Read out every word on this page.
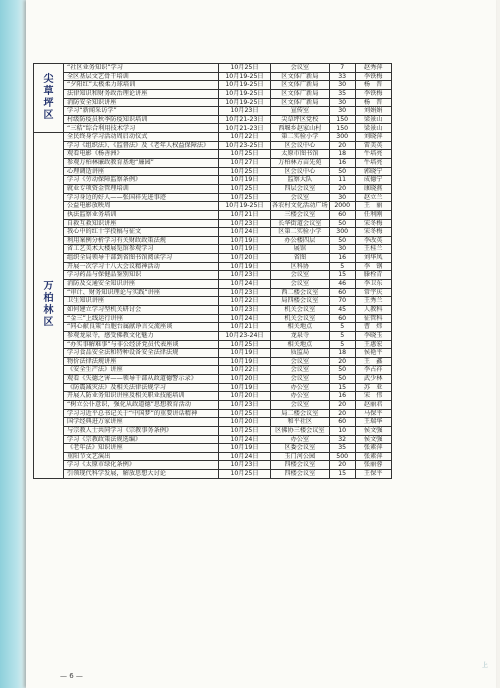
尖草坪区	“社区业务知识”学习	10月25日	会议室	7	赵秀萍
	全区基层文艺骨干培训	10月19-25日	区文体广新局	33	李铁梅
	“夕阳红”太极柔力球培训	10月19-25日	区文体广新局	30	杨　晋
	法律知识和财务政治理论讲座	10月19-25日	区文体广新局	35	李铁梅
	消防安全知识讲座	10月19-25日	区文体广新局	30	杨　晋
	学习“新闻采访学”	10月23日	宣传室	30	刘娟娟
	村级防疫员秋季防疫知识培训	10月21-23日	尖草坪区党校	150	梁景山
	“三秸”综合利用技术学习	10月21-23日	西堰乡赵家山村	150	梁景山
万柏林区	全民终身学习活动周启动仪式	10月22日	第二实验小学	300	刘晓萍
	学习《组织法》、《监督法》及《老年人权益保障法》	10月23-25日	区会议中心	20	雷美英
	观看电影《杨善洲》	10月25日	太原市图书馆	18	牛培亮
	参观万柏林廉政教育基地“廉园”	10月27日	万柏林方亩先苑	16	牛培亮
	心理调适讲座	10月25日	区会议中心	50	郭晓宁
	学习《劳动保障监察条例》	10月19日	监察大队	11	成德宁
	就业专项资金管理培训	10月25日	四层会议室	20	康晓燕
	学习身边的好人——张国祥先进事迹	10月25日	会议室	30	赵立兰
	公益电影放映周	10月19-25日	各农村文化活动广场	2000	王　丽
	执法监察业务培训	10月21日	三楼会议室	60	任利刚
	自救互救知识讲座	10月23日	长华街道会议室	50	宋冬梅
	我心中的红十字投稿与征文	10月24日	区第二实验小学	300	宋冬梅
	利用案例分析学习有关财政政策法规	10月19日	办公楼四层	50	李改英
	省工艺美术大楼展览馆参观学习	10月19日	展馆	30	王桂兰
	组织全局领导干部到省图书馆阅读学习	10月20日	省图	16	刘华凤
	开展一次学习十八大会议精神活动	10月19日	区科协	5	李　钢
	学习药品与保健品鉴别知识	10月23日	会议室	15	滕栓青
	消防及交通安全知识讲座	10月24日	会议室	46	李卫东
	“审计、财务知识理论与实践”讲座	10月23日	西二楼会议室	60	常宇庆
	卫生知识讲座	10月22日	局四楼会议室	70	王秀兰
	如何建立学习型机关研讨会	10月23日	机关会议室	45	人教科
	“金三”上线运行讲座	10月24日	机关会议室	60	征管科
	“同心献良策”台胞台属献诤言交流座谈	10月21日	相关地点	5	曹　炜
	参观龙泉寺，感受佛教文化魅力	10月23-24日	龙泉寺	5	李晓玉
	“办实事解难事”与非公经济党员代表座谈	10月25日	相关地点	5	王惠宏
	学习食品安全法和特种设备安全法律法规	10月19日	质监局	18	侯艳平
	物价法律法规讲座	10月19日	会议室	20	王　鑫
	《安全生产法》讲座	10月22日	会议室	50	李占祥
	观看《失德之害——领导干部从政道德警示录》	10月20日	会议室	50	武少林
	《防震减灾法》及相关法律法规学习	10月19日	办公室	15	苏　亚
	开展人防业务知识讲座及相关职业技能培训	10月20日	办公室	16	宋　伟
	“树立公仆意识，强化从政道德”思想教育活动	10月23日	会议室	20	赵丽君
	学习习近平总书记关于“中国梦”的重要讲话精神	10月25日	局二楼会议室	20	马保平
	国学经典进万家讲座	10月20日	和平社区	60	王瑞华
	与宗教人士共同学习《宗教事务条例》	10月25日	区佛协三楼会议室	10	侯文强
	学习《宗教政策法规选编》	10月24日	办公室	32	侯文强
	《老年法》知识讲座	10月19日	区委会议室	35	张素萍
	重阳节文艺演出	10月24日	玉门河公园	500	张素萍
	学习《太原市绿化条例》	10月23日	四楼会议室	20	张丽蓉
	引领现代科学发展，解放思想大讨论	10月25日	四楼会议室	15	王保平
— 6 —
上
